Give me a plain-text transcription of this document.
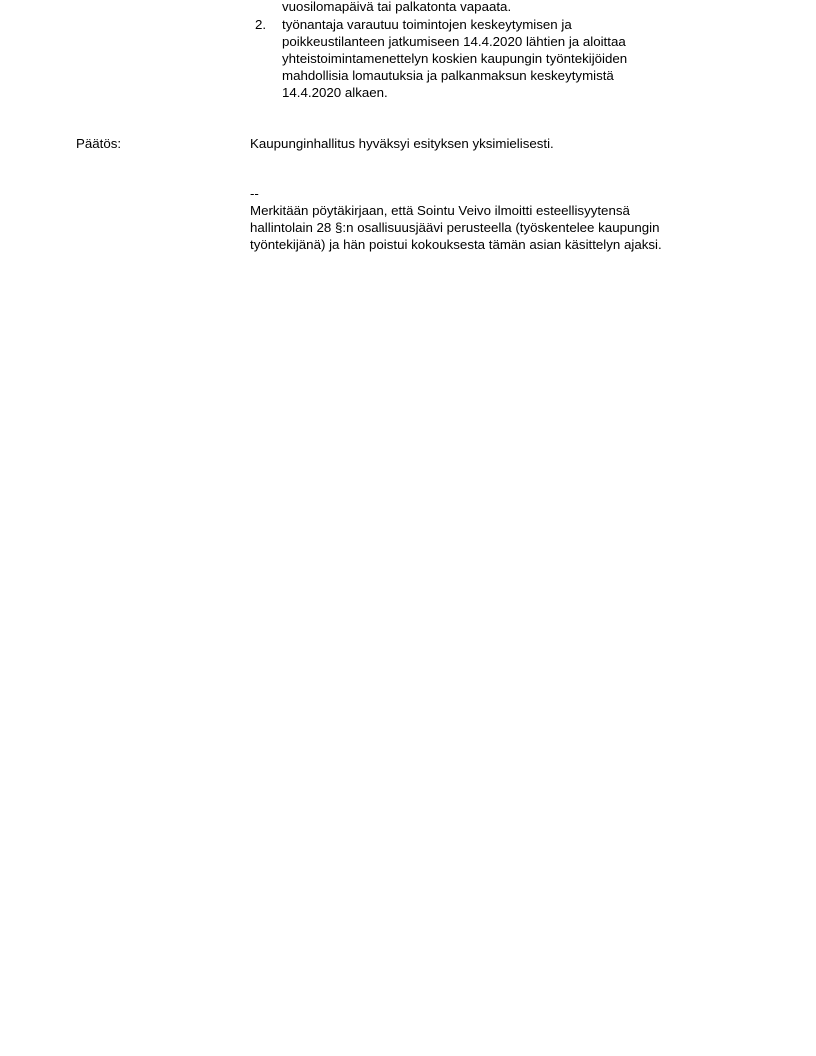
vuosilomapäivä tai palkatonta vapaata.
2. työnantaja varautuu toimintojen keskeytymisen ja
poikkeustilanteen jatkumiseen 14.4.2020 lähtien ja aloittaa
yhteistoimintamenettelyn koskien kaupungin työntekijöiden
mahdollisia lomautuksia ja palkanmaksun keskeytymistä
14.4.2020 alkaen.
Päätös:	Kaupunginhallitus hyväksyi esityksen yksimielisesti.
--
Merkitään pöytäkirjaan, että Sointu Veivo ilmoitti esteellisyytensä
hallintolain 28 §:n osallisuusjäävi perusteella (työskentelee kaupungin
työntekijänä) ja hän poistui kokouksesta tämän asian käsittelyn ajaksi.
